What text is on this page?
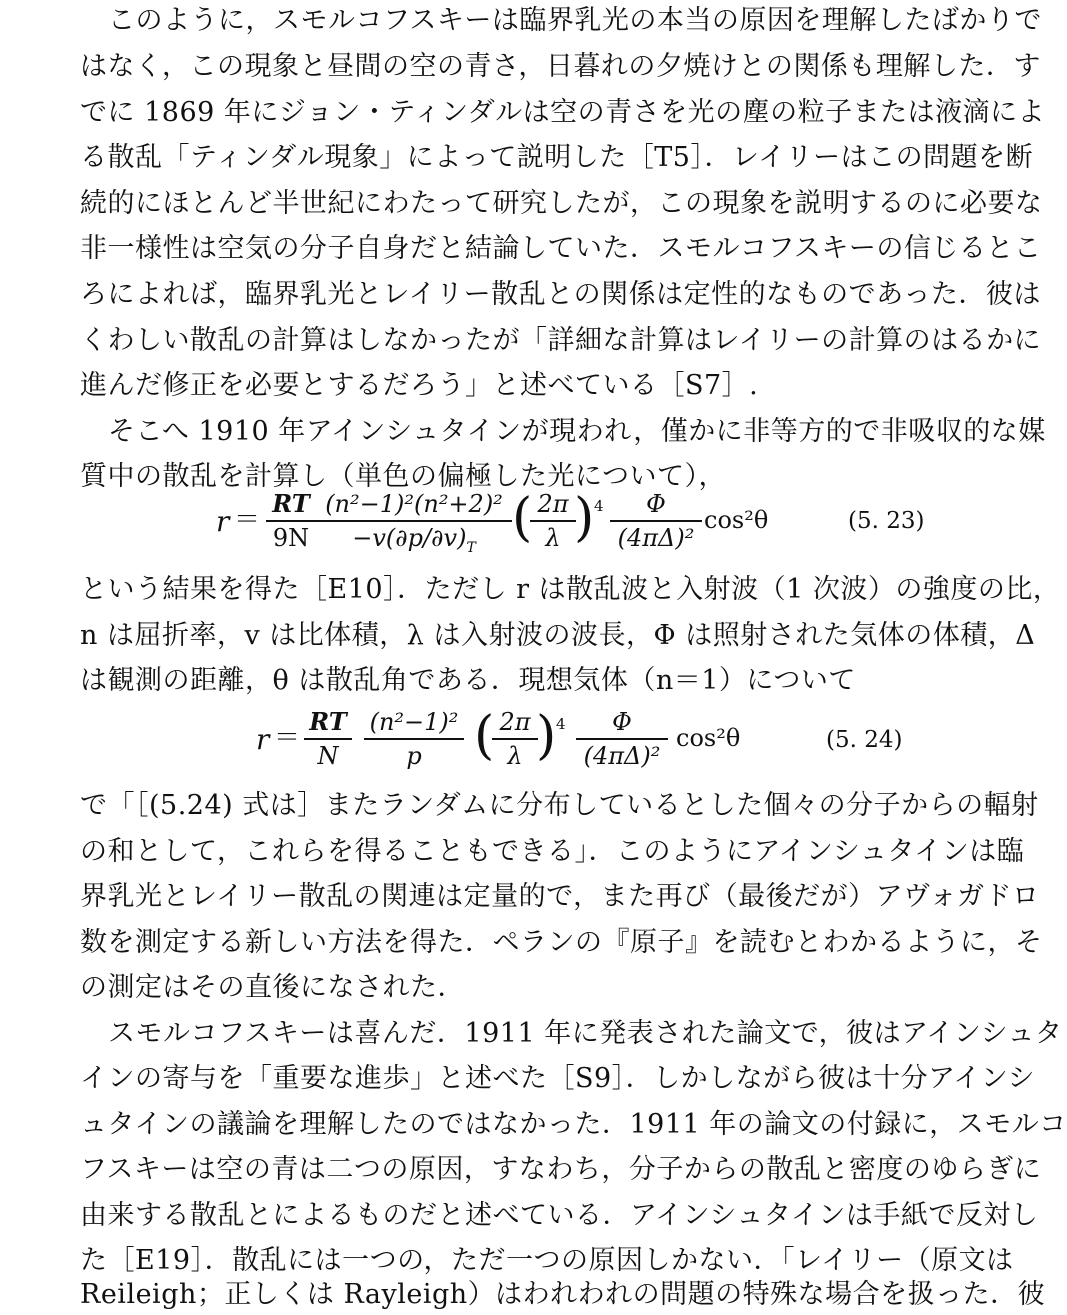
このように，スモルコフスキーは臨界乳光の本当の原因を理解したばかりで
はなく，この現象と昼間の空の青さ，日暮れの夕焼けとの関係も理解した．す
でに 1869 年にジョン・ティンダルは空の青さを光の塵の粒子または液滴によ
る散乱「ティンダル現象」によって説明した［T5］．レイリーはこの問題を断
続的にほとんど半世紀にわたって研究したが，この現象を説明するのに必要な
非一様性は空気の分子自身だと結論していた．スモルコフスキーの信じるとこ
ろによれば，臨界乳光とレイリー散乱との関係は定性的なものであった．彼は
くわしい散乱の計算はしなかったが「詳細な計算はレイリーの計算のはるかに
進んだ修正を必要とするだろう」と述べている［S7］.
そこへ 1910 年アインシュタインが現われ，僅かに非等方的で非吸収的な媒
質中の散乱を計算し（単色の偏極した光について），
r ＝
RT
9N
(n²−1)²(n²+2)²
$-v(\partial p/\partial v)_T$ ( 2π
λ ) 4	Φ
(4πΔ)²
cos²θ	(5. 23)
という結果を得た［E10］．ただし r は散乱波と入射波（1 次波）の強度の比，
n は屈折率，v は比体積，λ は入射波の波長，Φ は照射された気体の体積，Δ
は観測の距離，θ は散乱角である．現想気体（n＝1）について
r ＝
RT
N
(n²−1)²
p	( 2π
λ ) 4	Φ
(4πΔ)²
cos²θ	(5. 24)
で「［(5.24) 式は］またランダムに分布しているとした個々の分子からの輻射
の和として，これらを得ることもできる」．このようにアインシュタインは臨
界乳光とレイリー散乱の関連は定量的で，また再び（最後だが）アヴォガドロ
数を測定する新しい方法を得た．ペランの『原子』を読むとわかるように，そ
の測定はその直後になされた．
スモルコフスキーは喜んだ．1911 年に発表された論文で，彼はアインシュタ
インの寄与を「重要な進歩」と述べた［S9］．しかしながら彼は十分アインシ
ュタインの議論を理解したのではなかった．1911 年の論文の付録に，スモルコ
フスキーは空の青は二つの原因，すなわち，分子からの散乱と密度のゆらぎに
由来する散乱とによるものだと述べている．アインシュタインは手紙で反対し
た［E19］．散乱には一つの，ただ一つの原因しかない．「レイリー（原文は
Reileigh；正しくは Rayleigh）はわれわれの問題の特殊な場合を扱った．彼
